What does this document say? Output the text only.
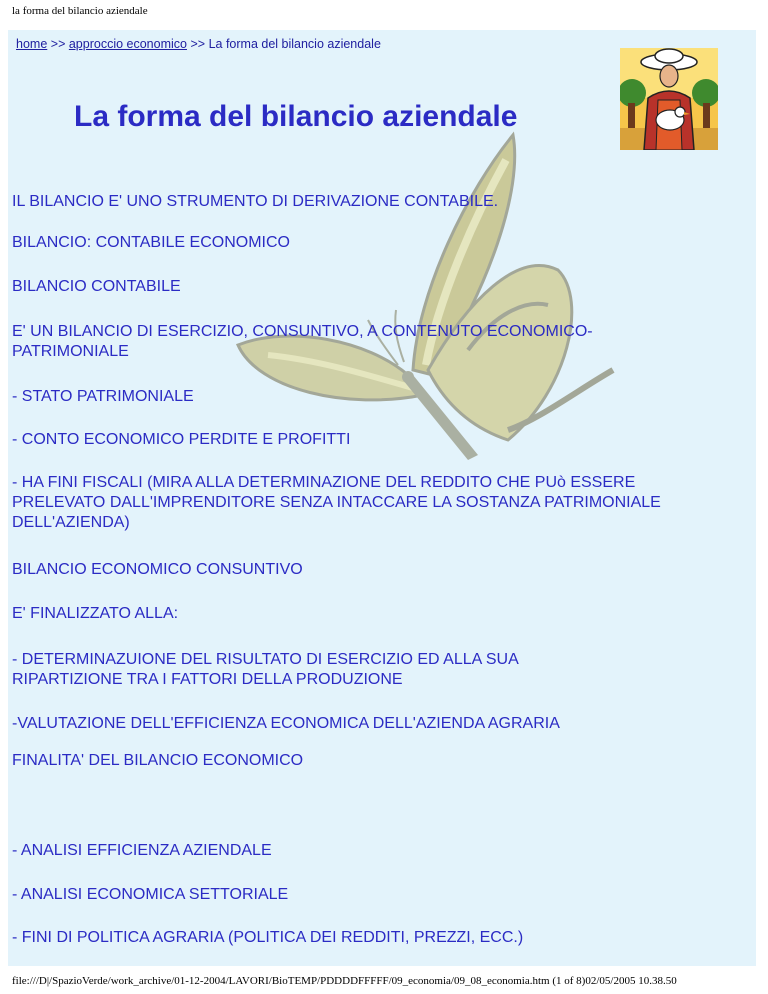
la forma del bilancio aziendale
home >> approccio economico >> La forma del bilancio aziendale
La forma del bilancio aziendale

IL BILANCIO E' UNO STRUMENTO DI DERIVAZIONE CONTABILE.

BILANCIO: CONTABILE ECONOMICO

BILANCIO CONTABILE

E' UN BILANCIO DI ESERCIZIO, CONSUNTIVO, A CONTENUTO ECONOMICO-PATRIMONIALE

- STATO PATRIMONIALE

- CONTO ECONOMICO PERDITE E PROFITTI

- HA FINI FISCALI (MIRA ALLA DETERMINAZIONE DEL REDDITO CHE PUò ESSERE PRELEVATO DALL'IMPRENDITORE SENZA INTACCARE LA SOSTANZA PATRIMONIALE DELL'AZIENDA)

BILANCIO ECONOMICO CONSUNTIVO

E' FINALIZZATO ALLA:

- DETERMINAZUIONE DEL RISULTATO DI ESERCIZIO ED ALLA SUA RIPARTIZIONE TRA I FATTORI DELLA PRODUZIONE

-VALUTAZIONE DELL'EFFICIENZA ECONOMICA DELL'AZIENDA AGRARIA

FINALITA' DEL BILANCIO ECONOMICO

- ANALISI EFFICIENZA AZIENDALE

- ANALISI ECONOMICA SETTORIALE

- FINI DI POLITICA AGRARIA (POLITICA DEI REDDITI, PREZZI, ECC.)

file:///D|/SpazioVerde/work_archive/01-12-2004/LAVORI/BioTEMP/PDDDDFFFFF/09_economia/09_08_economia.htm (1 of 8)02/05/2005 10.38.50
